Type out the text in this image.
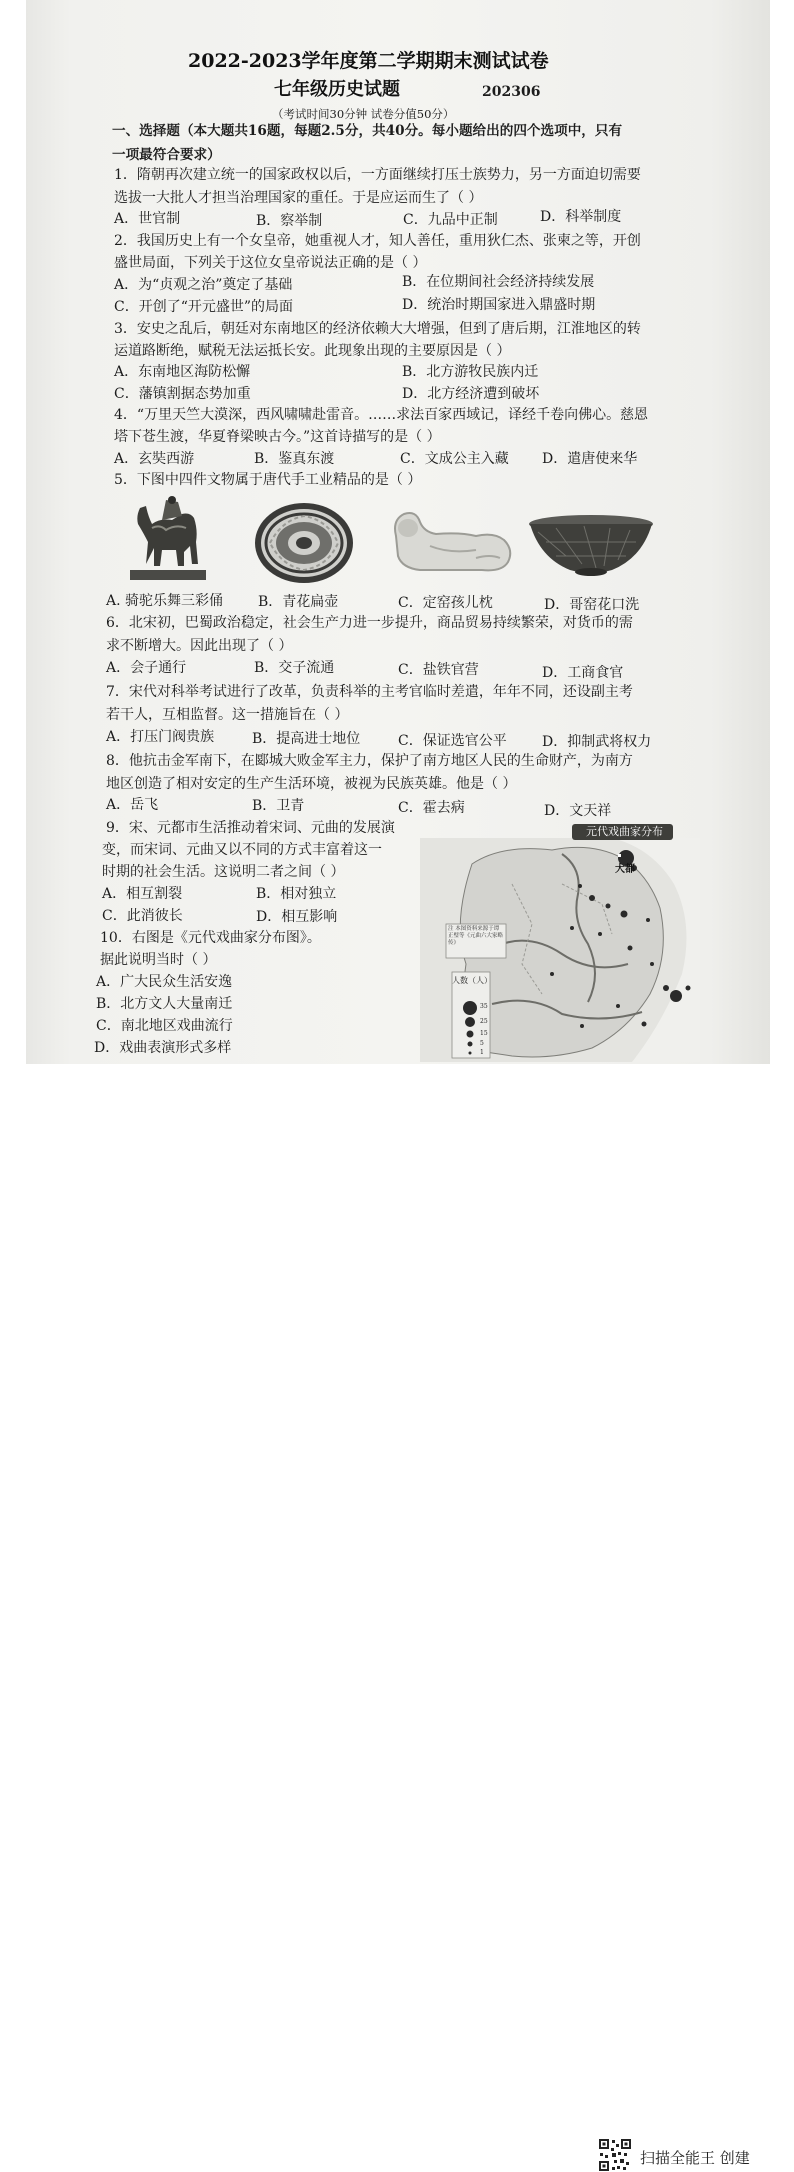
2022-2023学年度第二学期期末测试试卷
七年级历史试题	202306
（考试时间30分钟 试卷分值50分）
一、选择题（本大题共16题，每题2.5分，共40分。每小题给出的四个选项中，只有
一项最符合要求）
1．隋朝再次建立统一的国家政权以后，一方面继续打压士族势力，另一方面迫切需要
选拔一大批人才担当治理国家的重任。于是应运而生了（ ）
A．世官制	B．察举制	C．九品中正制	D．科举制度
2．我国历史上有一个女皇帝，她重视人才，知人善任，重用狄仁杰、张柬之等，开创
盛世局面，下列关于这位女皇帝说法正确的是（ ）
A．为“贞观之治”奠定了基础	B．在位期间社会经济持续发展
C．开创了“开元盛世”的局面	D．统治时期国家进入鼎盛时期
3．安史之乱后，朝廷对东南地区的经济依赖大大增强，但到了唐后期，江淮地区的转
运道路断绝，赋税无法运抵长安。此现象出现的主要原因是（ ）
A．东南地区海防松懈	B．北方游牧民族内迁
C．藩镇割据态势加重	D．北方经济遭到破坏
4．“万里天竺大漠深，西风啸啸赴雷音。……求法百家西域记，译经千卷向佛心。慈恩
塔下苍生渡，华夏脊梁映古今。”这首诗描写的是（ ）
A．玄奘西游	B．鉴真东渡	C．文成公主入藏 D．遣唐使来华
5．下图中四件文物属于唐代手工业精品的是（ ）
A. 骑驼乐舞三彩俑 B．青花扁壶	C．定窑孩儿枕	D．哥窑花口洗
6．北宋初，巴蜀政治稳定，社会生产力进一步提升，商品贸易持续繁荣，对货币的需
求不断增大。因此出现了（ ）
A．会子通行	B．交子流通	C．盐铁官营	D．工商食官
7．宋代对科举考试进行了改革，负责科举的主考官临时差遣，年年不同，还设副主考
若干人，互相监督。这一措施旨在（ ）
A．打压门阀贵族	B．提高进士地位	C．保证选官公平	D．抑制武将权力
8．他抗击金军南下，在郾城大败金军主力，保护了南方地区人民的生命财产，为南方
地区创造了相对安定的生产生活环境，被视为民族英雄。他是（ ）
A．岳飞	B．卫青	C．霍去病	D．文天祥
9．宋、元都市生活推动着宋词、元曲的发展演
变，而宋词、元曲又以不同的方式丰富着这一
时期的社会生活。这说明二者之间（ ）
A．相互割裂	B．相对独立
C．此消彼长	D．相互影响
10．右图是《元代戏曲家分布图》。
据此说明当时（ ）
A．广大民众生活安逸
B．北方文人大量南迁
C．南北地区戏曲流行
D．戏曲表演形式多样
元代戏曲家分布
大都
注 本图资料来源于谭正璧等《元曲六大家略传》
人数（人）
35
25
15
5
1
扫描全能王 创建
